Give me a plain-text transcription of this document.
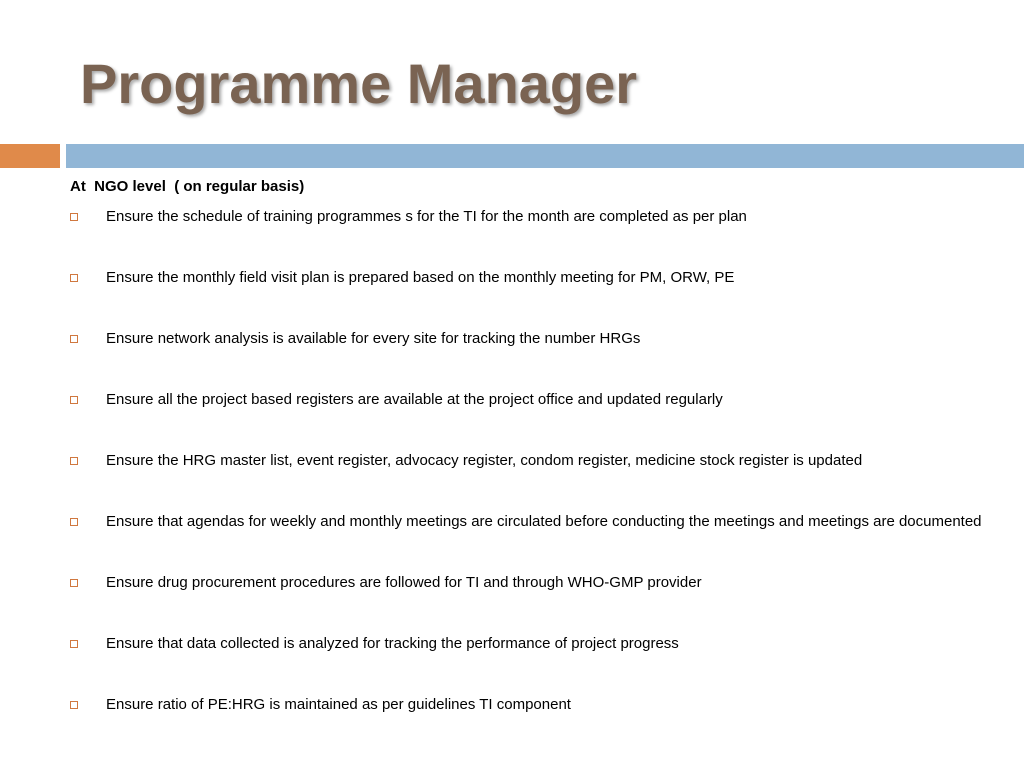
Programme Manager
At  NGO level  ( on regular basis)
Ensure the schedule of training programmes s for the TI for the month are completed as per plan
Ensure the monthly field visit plan is prepared based on the monthly meeting for PM, ORW, PE
Ensure network analysis is available for every site for tracking the number HRGs
Ensure all the project based registers are available at the project office and updated regularly
Ensure the HRG master list, event register, advocacy register, condom register, medicine stock register is updated
Ensure that agendas for weekly and monthly meetings are circulated before conducting the meetings and meetings are documented
Ensure drug procurement procedures are followed for TI and through WHO-GMP provider
Ensure that data collected is analyzed for tracking the performance of project progress
Ensure ratio of PE:HRG is maintained as per guidelines TI component
